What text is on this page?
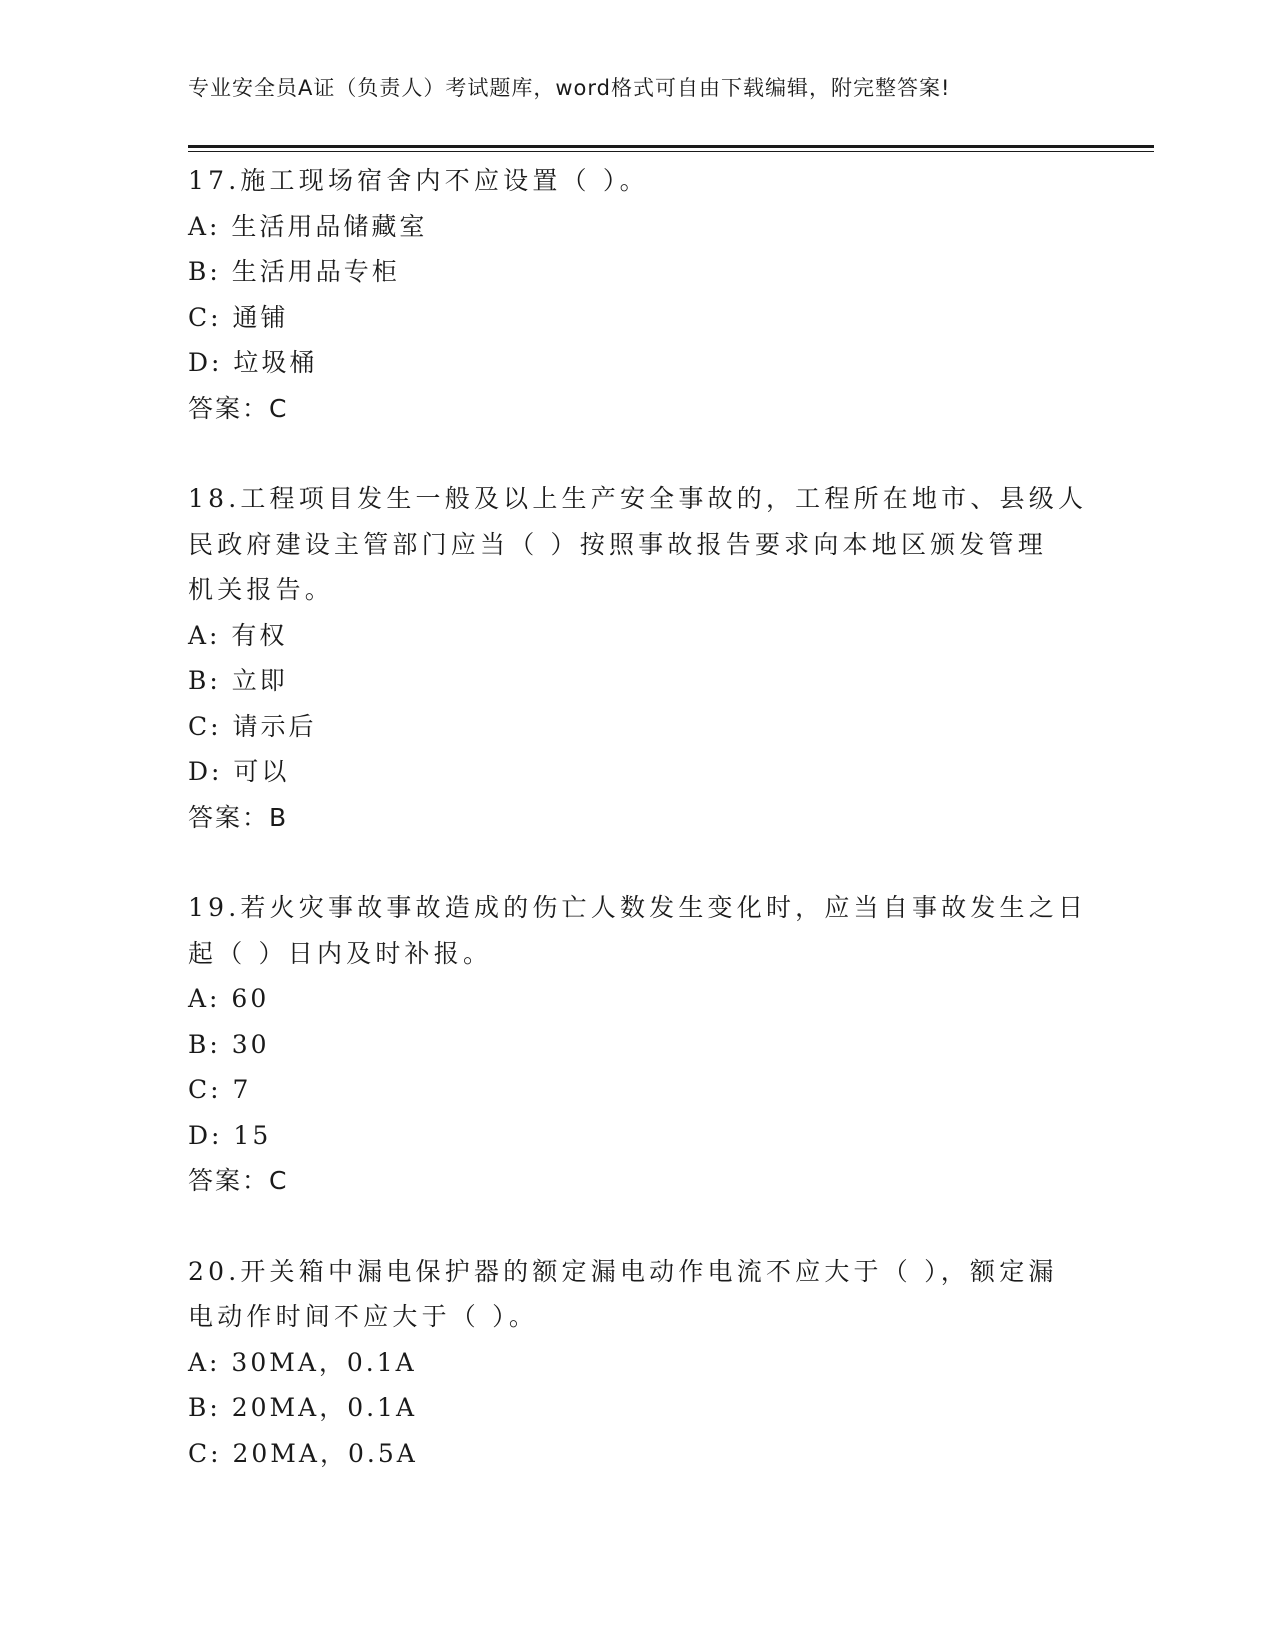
专业安全员A证（负责人）考试题库，word格式可自由下载编辑，附完整答案!
17.施工现场宿舍内不应设置（ ）。
A: 生活用品储藏室
B: 生活用品专柜
C: 通铺
D: 垃圾桶
答案：C
18.工程项目发生一般及以上生产安全事故的，工程所在地市、县级人
民政府建设主管部门应当（ ）按照事故报告要求向本地区颁发管理
机关报告。
A: 有权
B: 立即
C: 请示后
D: 可以
答案：B
19.若火灾事故事故造成的伤亡人数发生变化时，应当自事故发生之日
起（ ）日内及时补报。
A: 60
B: 30
C: 7
D: 15
答案：C
20.开关箱中漏电保护器的额定漏电动作电流不应大于（ ），额定漏
电动作时间不应大于（ ）。
A: 30MA，0.1A
B: 20MA，0.1A
C: 20MA，0.5A
